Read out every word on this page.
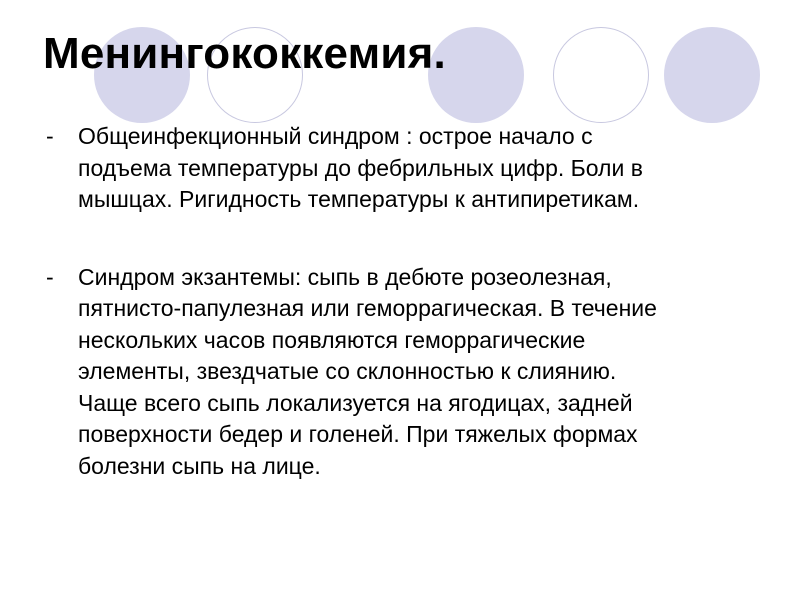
Менингококкемия.
-	Общеинфекционный синдром : острое начало с
подъема температуры до фебрильных цифр. Боли в
мышцах. Ригидность температуры к антипиретикам.
-	Синдром экзантемы: сыпь в дебюте розеолезная,
пятнисто-папулезная или геморрагическая. В течение
нескольких часов появляются геморрагические
элементы, звездчатые со склонностью к слиянию.
Чаще всего сыпь локализуется на ягодицах, задней
поверхности бедер и голеней. При тяжелых формах
болезни сыпь на лице.
